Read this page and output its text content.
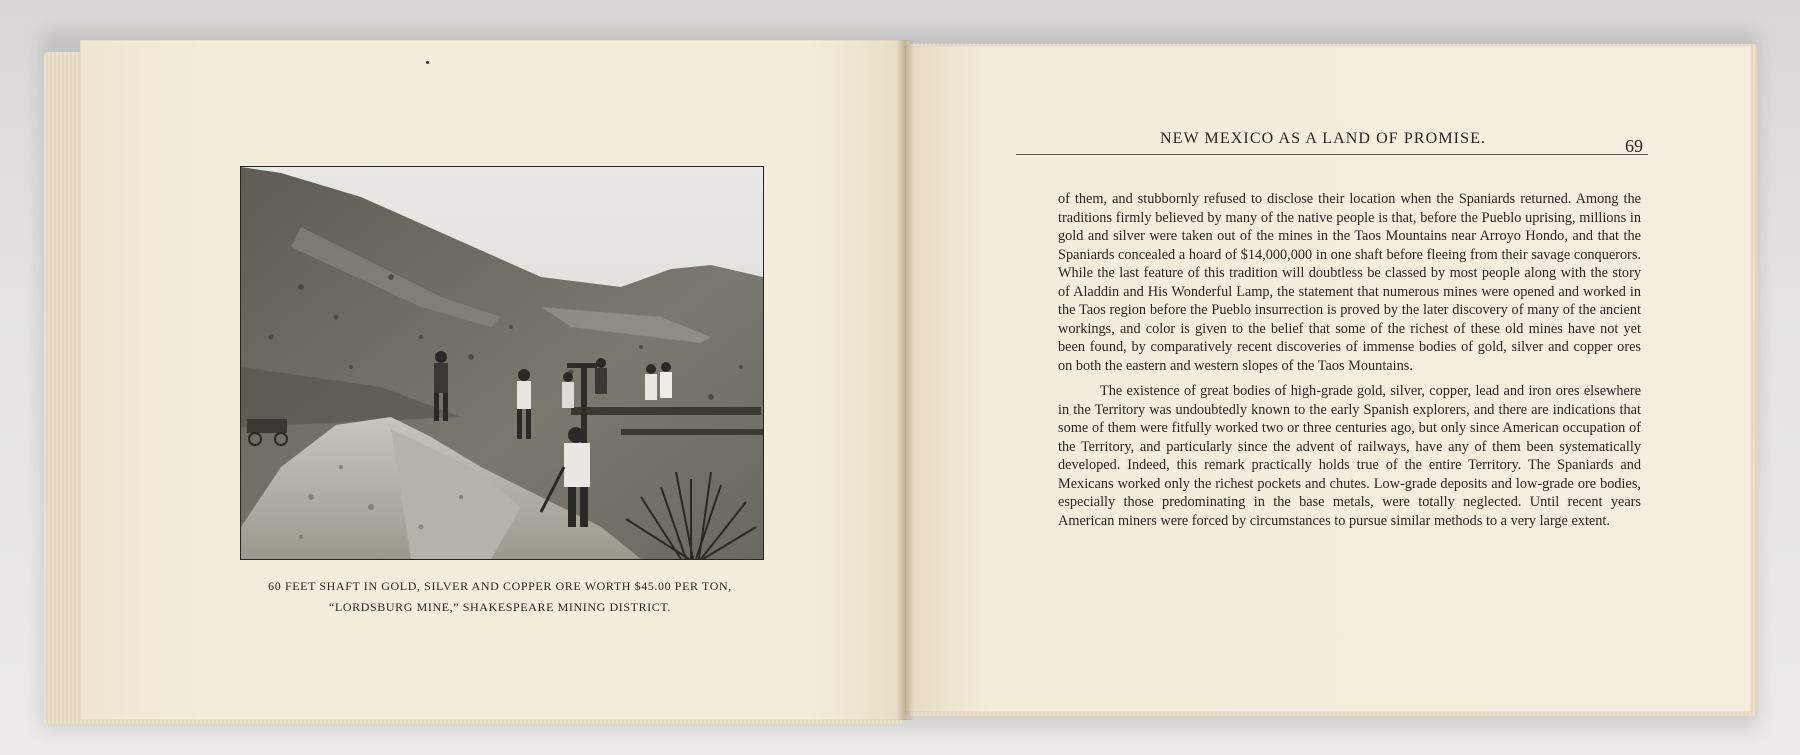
60 FEET SHAFT IN GOLD, SILVER AND COPPER ORE WORTH $45.00 PER TON,
“LORDSBURG MINE,” SHAKESPEARE MINING DISTRICT.
NEW MEXICO AS A LAND OF PROMISE.	69

of them, and stubbornly refused to disclose their location when the Spaniards returned. Among the traditions firmly believed by many of the native people is that, before the Pueblo uprising, millions in gold and silver were taken out of the mines in the Taos Mountains near Arroyo Hondo, and that the Spaniards concealed a hoard of $14,000,000 in one shaft before fleeing from their savage conquerors. While the last feature of this tradition will doubtless be classed by most people along with the story of Aladdin and His Wonderful Lamp, the statement that numerous mines were opened and worked in the Taos region before the Pueblo insurrection is proved by the later discovery of many of the ancient workings, and color is given to the belief that some of the richest of these old mines have not yet been found, by comparatively recent discoveries of immense bodies of gold, silver and copper ores on both the eastern and western slopes of the Taos Mountains.

The existence of great bodies of high-grade gold, silver, copper, lead and iron ores elsewhere in the Territory was undoubtedly known to the early Spanish explorers, and there are indications that some of them were fitfully worked two or three centuries ago, but only since American occupation of the Territory, and particularly since the advent of railways, have any of them been systematically developed. Indeed, this remark practically holds true of the entire Territory. The Spaniards and Mexicans worked only the richest pockets and chutes. Low-grade deposits and low-grade ore bodies, especially those predominating in the base metals, were totally neglected. Until recent years American miners were forced by circumstances to pursue similar methods to a very large extent.
